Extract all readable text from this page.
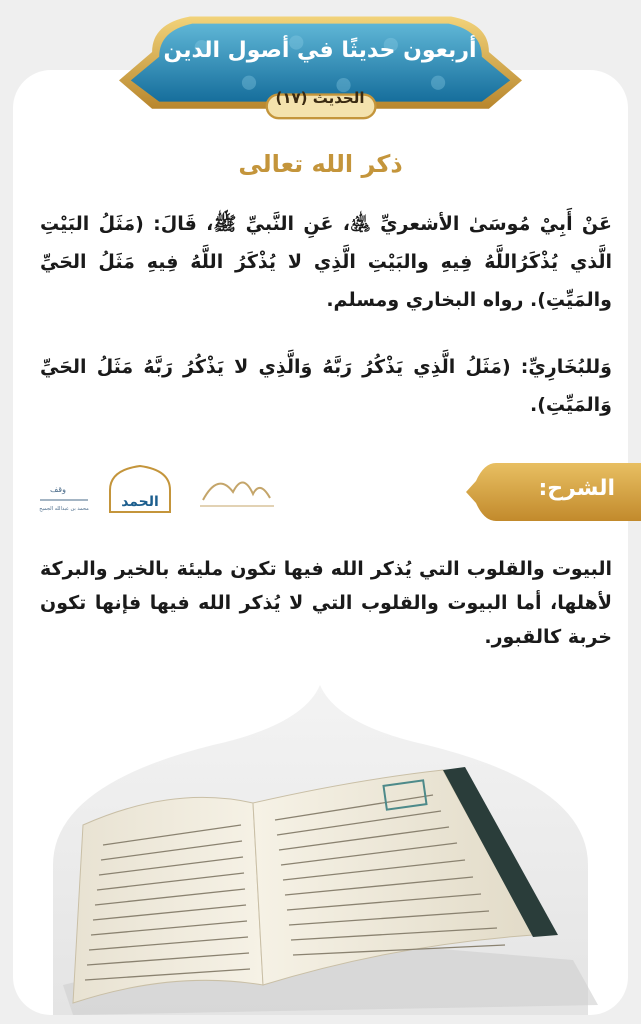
أربعون حديثًا في أصول الدين
الحديث (١٧)
ذكر الله تعالى
عَنْ أَبِيْ مُوسَىٰ الأشعريِّ ﵁، عَنِ النَّبيِّ ﷺ، قَالَ: (مَثَلُ البَيْتِ الَّذي يُذْكَرُاللَّهُ فِيهِ والبَيْتِ الَّذِي لا يُذْكَرُ اللَّهُ فِيهِ مَثَلُ الحَيِّ والمَيِّتِ). رواه البخاري ومسلم.
وَللبُخَارِيِّ: (مَثَلُ الَّذِي يَذْكُرُ رَبَّهُ وَالَّذِي لا يَذْكُرُ رَبَّهُ مَثَلُ الحَيِّ وَالمَيِّتِ).
وقف
محمد بن عبدالله الجميح الحمد
الشرح:
البيوت والقلوب التي يُذكر الله فيها تكون مليئة بالخير والبركة لأهلها، أما البيوت والقلوب التي لا يُذكر الله فيها فإنها تكون خربة كالقبور.
